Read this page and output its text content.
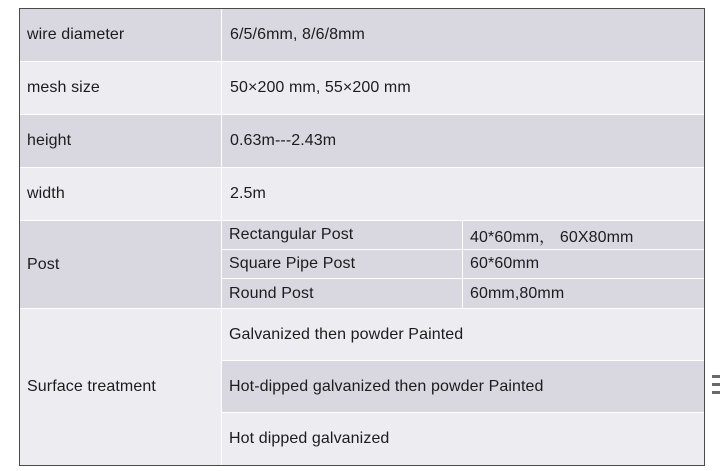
wire diameter	6/5/6mm, 8/6/8mm
mesh size	50×200 mm, 55×200 mm
height	0.63m---2.43m
width	2.5m
Post
Rectangular Post	40*60mm， 60X80mm
Square Pipe Post	60*60mm
Round Post	60mm,80mm
Surface treatment
Galvanized then powder Painted
Hot-dipped galvanized then powder Painted
Hot dipped galvanized
